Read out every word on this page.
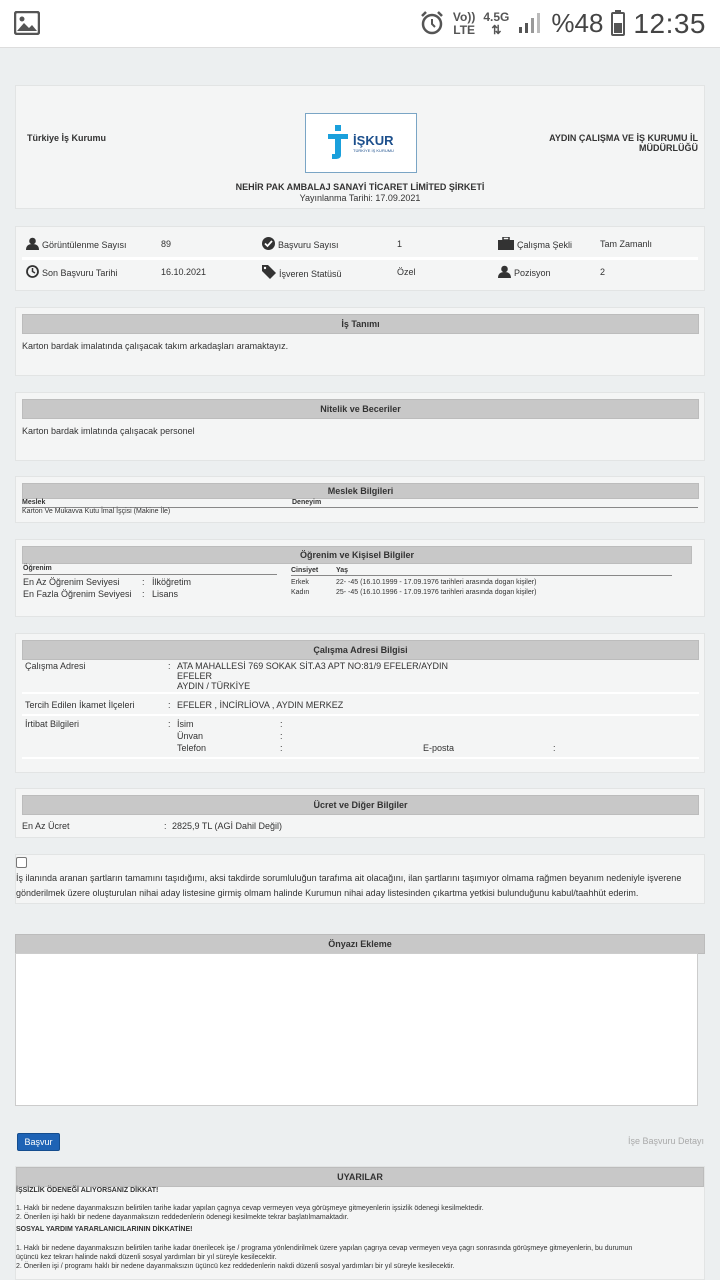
Vo))
LTE
4.5G
⇅	%48 12:35
Türkiye İş Kurumu	AYDIN ÇALIŞMA VE İŞ KURUMU İL MÜDÜRLÜĞÜ
İŞKUR
TÜRKİYE İŞ KURUMU
NEHİR PAK AMBALAJ SANAYİ TİCARET LİMİTED ŞİRKETİ
Yayınlanma Tarihi: 17.09.2021
Görüntülenme Sayısı	89	Başvuru Sayısı	1	Çalışma Şekli	Tam Zamanlı
Son Başvuru Tarihi	16.10.2021	İşveren Statüsü	Özel	Pozisyon	2
İş Tanımı
Karton bardak imalatında çalışacak takım arkadaşları aramaktayız.
Nitelik ve Beceriler
Karton bardak imlatında çalışacak personel
Meslek Bilgileri
Meslek	Deneyim
Karton Ve Mukavva Kutu İmal İşçisi (Makine İle)
Öğrenim ve Kişisel Bilgiler
Öğrenim
En Az Öğrenim Seviyesi : İlköğretim
En Fazla Öğrenim Seviyesi : Lisans
Cinsiyet	Yaş
Erkek	22- -45 (16.10.1999 - 17.09.1976 tarihleri arasında dogan kişiler)
Kadın	25- -45 (16.10.1996 - 17.09.1976 tarihleri arasında dogan kişiler)
Çalışma Adresi Bilgisi
Çalışma Adresi	: ATA MAHALLESİ 769 SOKAK SİT.A3 APT NO:81/9 EFELER/AYDIN
EFELER
AYDIN / TÜRKİYE
Tercih Edilen İkamet İlçeleri	: EFELER , İNCİRLİOVA , AYDIN MERKEZ
İrtibat Bilgileri	: İsim	:
Ünvan	:
Telefon	:	E-posta	:
Ücret ve Diğer Bilgiler
En Az Ücret	: 2825,9 TL (AGİ Dahil Değil)
İş ilanında aranan şartların tamamını taşıdığımı, aksi takdirde sorumluluğun tarafıma ait olacağını, ilan şartlarını taşımıyor olmama rağmen beyanım nedeniyle işverene
gönderilmek üzere oluşturulan nihai aday listesine girmiş olmam halinde Kurumun nihai aday listesinden çıkartma yetkisi bulunduğunu kabul/taahhüt ederim.
Önyazı Ekleme
Başvur	İşe Başvuru Detayı
UYARILAR
İŞSİZLİK ÖDENEĞİ ALIYORSANIZ DİKKAT!
1. Haklı bir nedene dayanmaksızın belirtilen tarihe kadar yapılan çagrıya cevap vermeyen veya görüşmeye gitmeyenlerin işsizlik ödenegi kesilmektedir.
2. Önerilen işi haklı bir nedene dayanmaksızın reddedenlerin ödenegi kesilmekte tekrar başlatılmamaktadır.
SOSYAL YARDIM YARARLANICILARININ DİKKATİNE!
1. Haklı bir nedene dayanmaksızın belirtilen tarihe kadar önerilecek işe / programa yönlendirilmek üzere yapılan çagrıya cevap vermeyen veya çagrı sonrasında görüşmeye gitmeyenlerin, bu durumun
üçüncü kez tekrarı halinde nakdi düzenli sosyal yardımları bir yıl süreyle kesilecektir.
2. Önerilen işi / programı haklı bir nedene dayanmaksızın üçüncü kez reddedenlerin nakdi düzenli sosyal yardımları bir yıl süreyle kesilecektir.
